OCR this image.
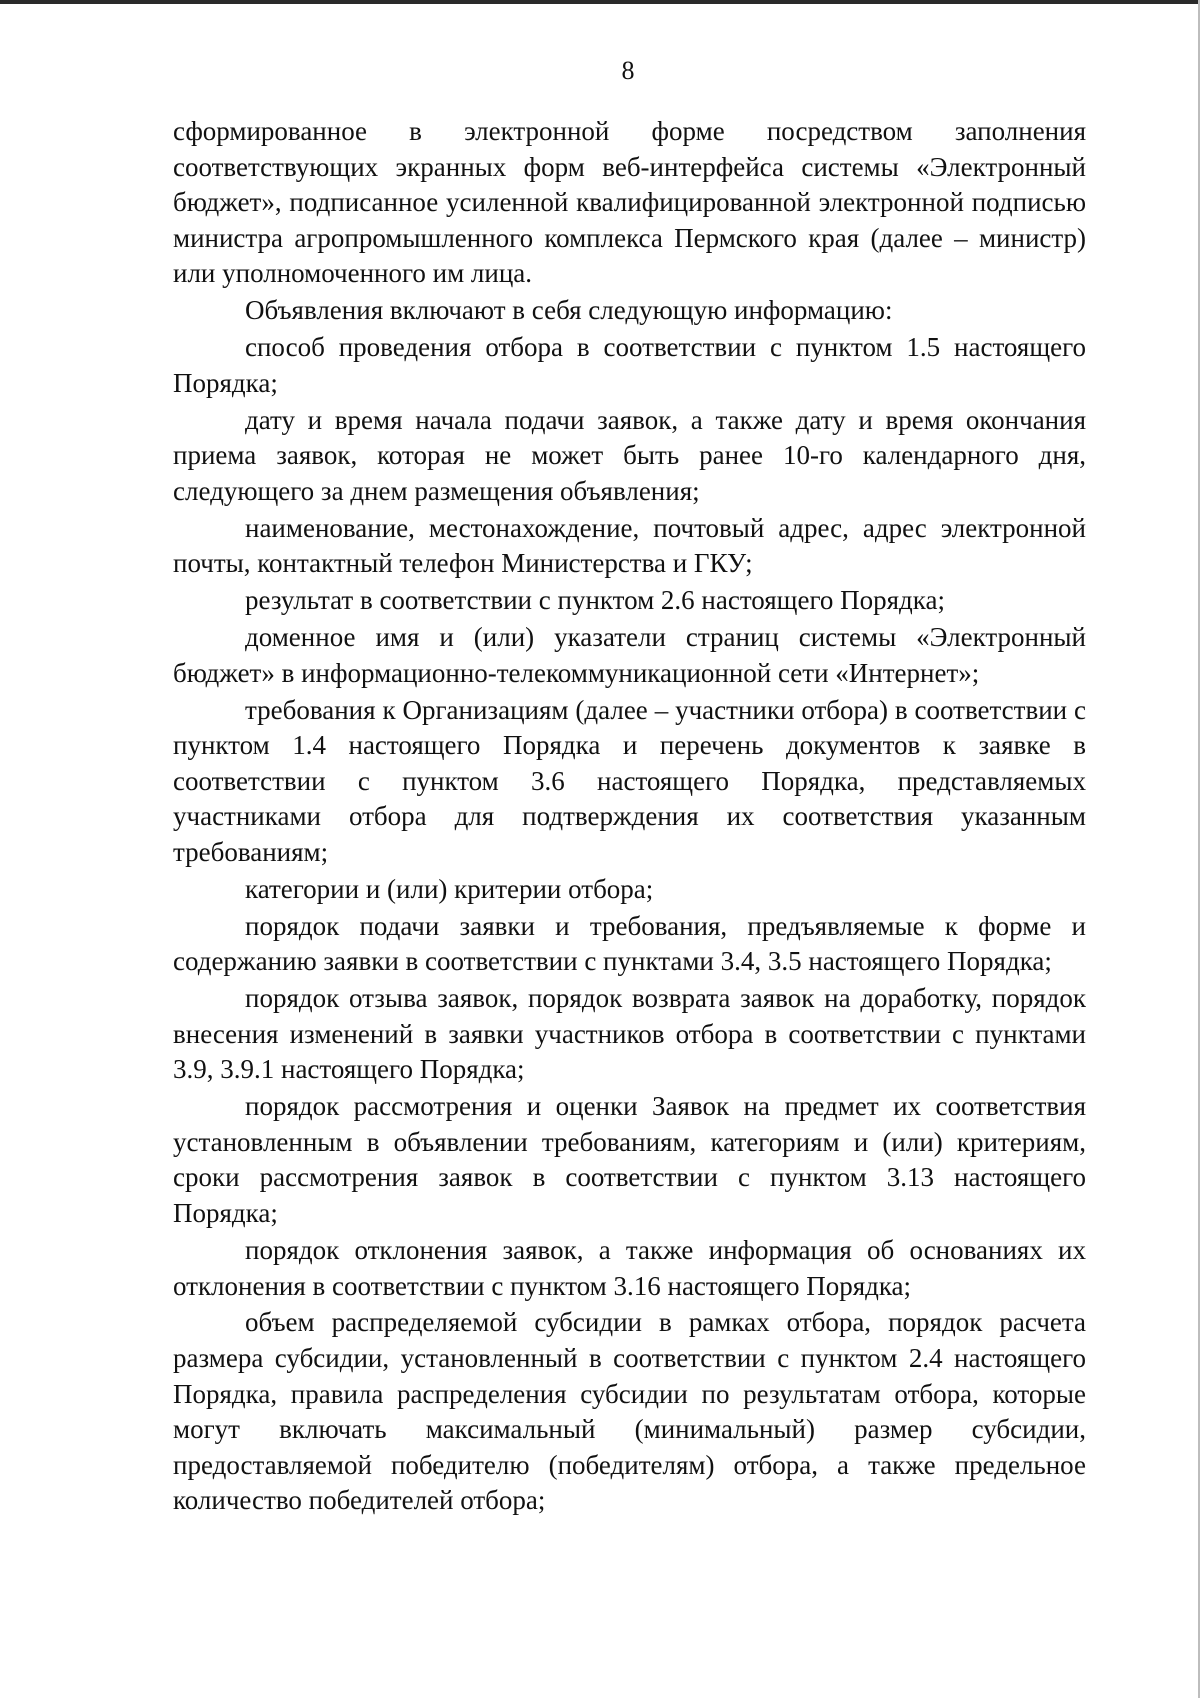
8

сформированное в электронной форме посредством заполнения соответствующих экранных форм веб-интерфейса системы «Электронный бюджет», подписанное усиленной квалифицированной электронной подписью министра агропромышленного комплекса Пермского края (далее – министр) или уполномоченного им лица.

Объявления включают в себя следующую информацию:

способ проведения отбора в соответствии с пунктом 1.5 настоящего Порядка;

дату и время начала подачи заявок, а также дату и время окончания приема заявок, которая не может быть ранее 10-го календарного дня, следующего за днем размещения объявления;

наименование, местонахождение, почтовый адрес, адрес электронной почты, контактный телефон Министерства и ГКУ;

результат в соответствии с пунктом 2.6 настоящего Порядка;

доменное имя и (или) указатели страниц системы «Электронный бюджет» в информационно-телекоммуникационной сети «Интернет»;

требования к Организациям (далее – участники отбора) в соответствии с пунктом 1.4 настоящего Порядка и перечень документов к заявке в соответствии с пунктом 3.6 настоящего Порядка, представляемых участниками отбора для подтверждения их соответствия указанным требованиям;

категории и (или) критерии отбора;

порядок подачи заявки и требования, предъявляемые к форме и содержанию заявки в соответствии с пунктами 3.4, 3.5 настоящего Порядка;

порядок отзыва заявок, порядок возврата заявок на доработку, порядок внесения изменений в заявки участников отбора в соответствии с пунктами 3.9, 3.9.1 настоящего Порядка;

порядок рассмотрения и оценки Заявок на предмет их соответствия установленным в объявлении требованиям, категориям и (или) критериям, сроки рассмотрения заявок в соответствии с пунктом 3.13 настоящего Порядка;

порядок отклонения заявок, а также информация об основаниях их отклонения в соответствии с пунктом 3.16 настоящего Порядка;

объем распределяемой субсидии в рамках отбора, порядок расчета размера субсидии, установленный в соответствии с пунктом 2.4 настоящего Порядка, правила распределения субсидии по результатам отбора, которые могут включать максимальный (минимальный) размер субсидии, предоставляемой победителю (победителям) отбора, а также предельное количество победителей отбора;
